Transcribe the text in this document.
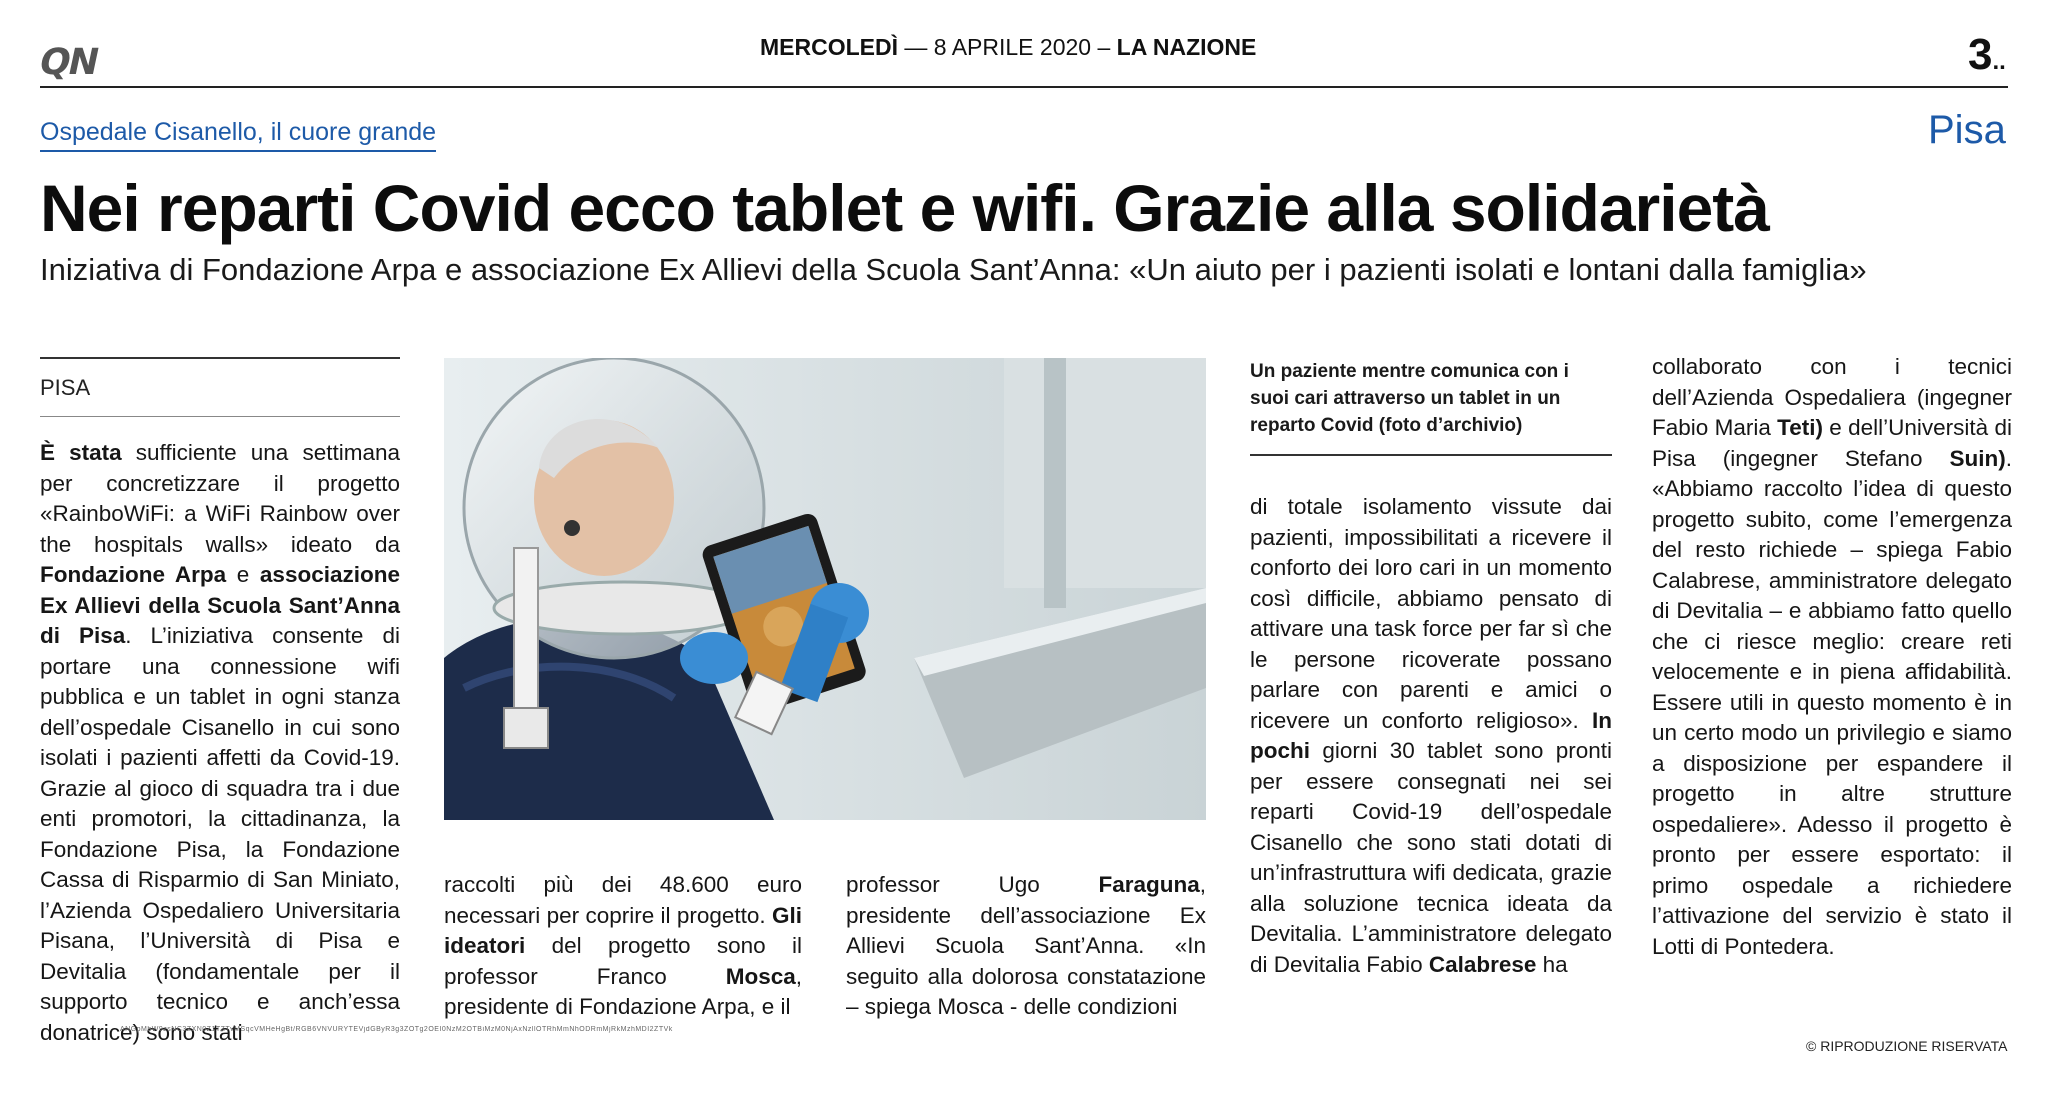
QN	MERCOLEDÌ — 8 APRILE 2020 – LA NAZIONE	3..
Ospedale Cisanello, il cuore grande	Pisa
Nei reparti Covid ecco tablet e wifi. Grazie alla solidarietà
Iniziativa di Fondazione Arpa e associazione Ex Allievi della Scuola Sant’Anna: «Un aiuto per i pazienti isolati e lontani dalla famiglia»
PISA
È stata sufficiente una settimana per concretizzare il progetto «RainboWiFi: a WiFi Rainbow over the hospitals walls» ideato da Fondazione Arpa e associazione Ex Allievi della Scuola Sant’Anna di Pisa. L’iniziativa consente di portare una connessione wifi pubblica e un tablet in ogni stanza dell’ospedale Cisanello in cui sono isolati i pazienti affetti da Covid-19. Grazie al gioco di squadra tra i due enti promotori, la cittadinanza, la Fondazione Pisa, la Fondazione Cassa di Risparmio di San Miniato, l’Azienda Ospedaliero Universitaria Pisana, l’Università di Pisa e Devitalia (fondamentale per il supporto tecnico e anch’essa donatrice) sono stati
raccolti più dei 48.600 euro necessari per coprire il progetto. Gli ideatori del progetto sono il professor Franco Mosca, presidente di Fondazione Arpa, e il
professor Ugo Faraguna, presidente dell’associazione Ex Allievi Scuola Sant’Anna. «In seguito alla dolorosa constatazione – spiega Mosca - delle condizioni
Un paziente mentre comunica con i suoi cari attraverso un tablet in un reparto Covid (foto d’archivio)
di totale isolamento vissute dai pazienti, impossibilitati a ricevere il conforto dei loro cari in un momento così difficile, abbiamo pensato di attivare una task force per far sì che le persone ricoverate possano parlare con parenti e amici o ricevere un conforto religioso». In pochi giorni 30 tablet sono pronti per essere consegnati nei sei reparti Covid-19 dell’ospedale Cisanello che sono stati dotati di un’infrastruttura wifi dedicata, grazie alla soluzione tecnica ideata da Devitalia. L’amministratore delegato di Devitalia Fabio Calabrese ha
collaborato con i tecnici dell’Azienda Ospedaliera (ingegner Fabio Maria Teti) e dell’Università di Pisa (ingegner Stefano Suin). «Abbiamo raccolto l’idea di questo progetto subito, come l’emergenza del resto richiede – spiega Fabio Calabrese, amministratore delegato di Devitalia – e abbiamo fatto quello che ci riesce meglio: creare reti velocemente e in piena affidabilità. Essere utili in questo momento è in un certo modo un privilegio e siamo a disposizione per espandere il progetto in altre strutture ospedaliere». Adesso il progetto è pronto per essere esportato: il primo ospedale a richiedere l’attivazione del servizio è stato il Lotti di Pontedera.
ANGpMbW9zsNC3ZXN0Z1TZTvMSqcVMHeHgBt/RGB6VNVURYTEVjdGByR3g3ZOTg2OEI0NzM2OTBiMzM0NjAxNzllOTRhMmNhODRmMjRkMzhMDI2ZTVk
© RIPRODUZIONE RISERVATA
